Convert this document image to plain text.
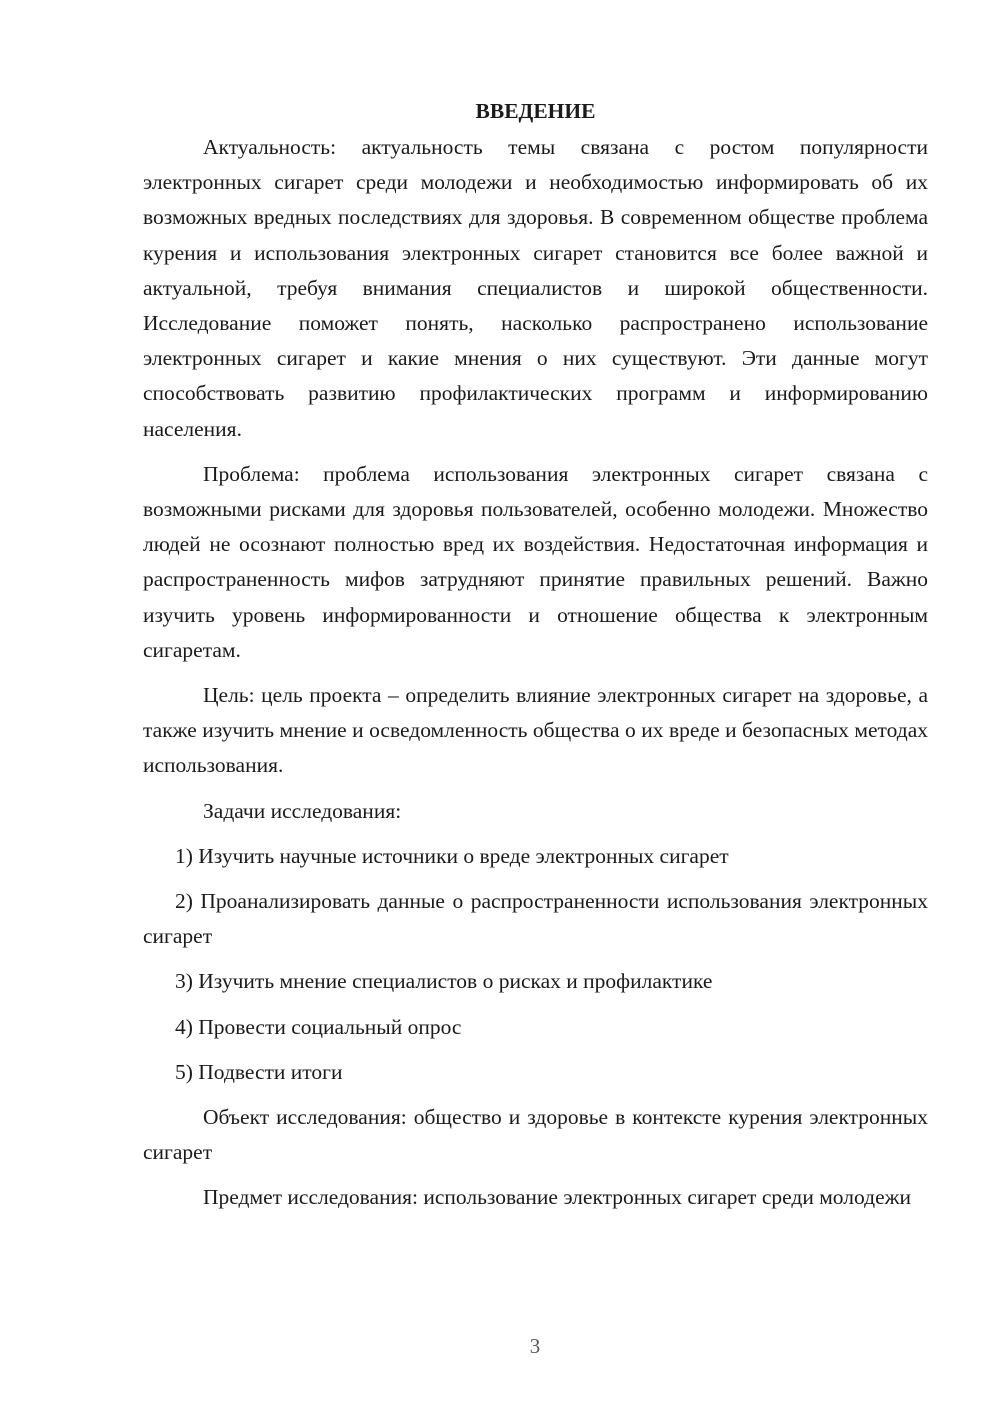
ВВЕДЕНИЕ

Актуальность: актуальность темы связана с ростом популярности электронных сигарет среди молодежи и необходимостью информировать об их возможных вредных последствиях для здоровья. В современном обществе проблема курения и использования электронных сигарет становится все более важной и актуальной, требуя внимания специалистов и широкой общественности. Исследование поможет понять, насколько распространено использование электронных сигарет и какие мнения о них существуют. Эти данные могут способствовать развитию профилактических программ и информированию населения.

Проблема: проблема использования электронных сигарет связана с возможными рисками для здоровья пользователей, особенно молодежи. Множество людей не осознают полностью вред их воздействия. Недостаточная информация и распространенность мифов затрудняют принятие правильных решений. Важно изучить уровень информированности и отношение общества к электронным сигаретам.

Цель: цель проекта – определить влияние электронных сигарет на здоровье, а также изучить мнение и осведомленность общества о их вреде и безопасных методах использования.

Задачи исследования:

1) Изучить научные источники о вреде электронных сигарет

2) Проанализировать данные о распространенности использования электронных сигарет

3) Изучить мнение специалистов о рисках и профилактике

4) Провести социальный опрос

5) Подвести итоги

Объект исследования: общество и здоровье в контексте курения электронных сигарет

Предмет исследования: использование электронных сигарет среди молодежи

3
